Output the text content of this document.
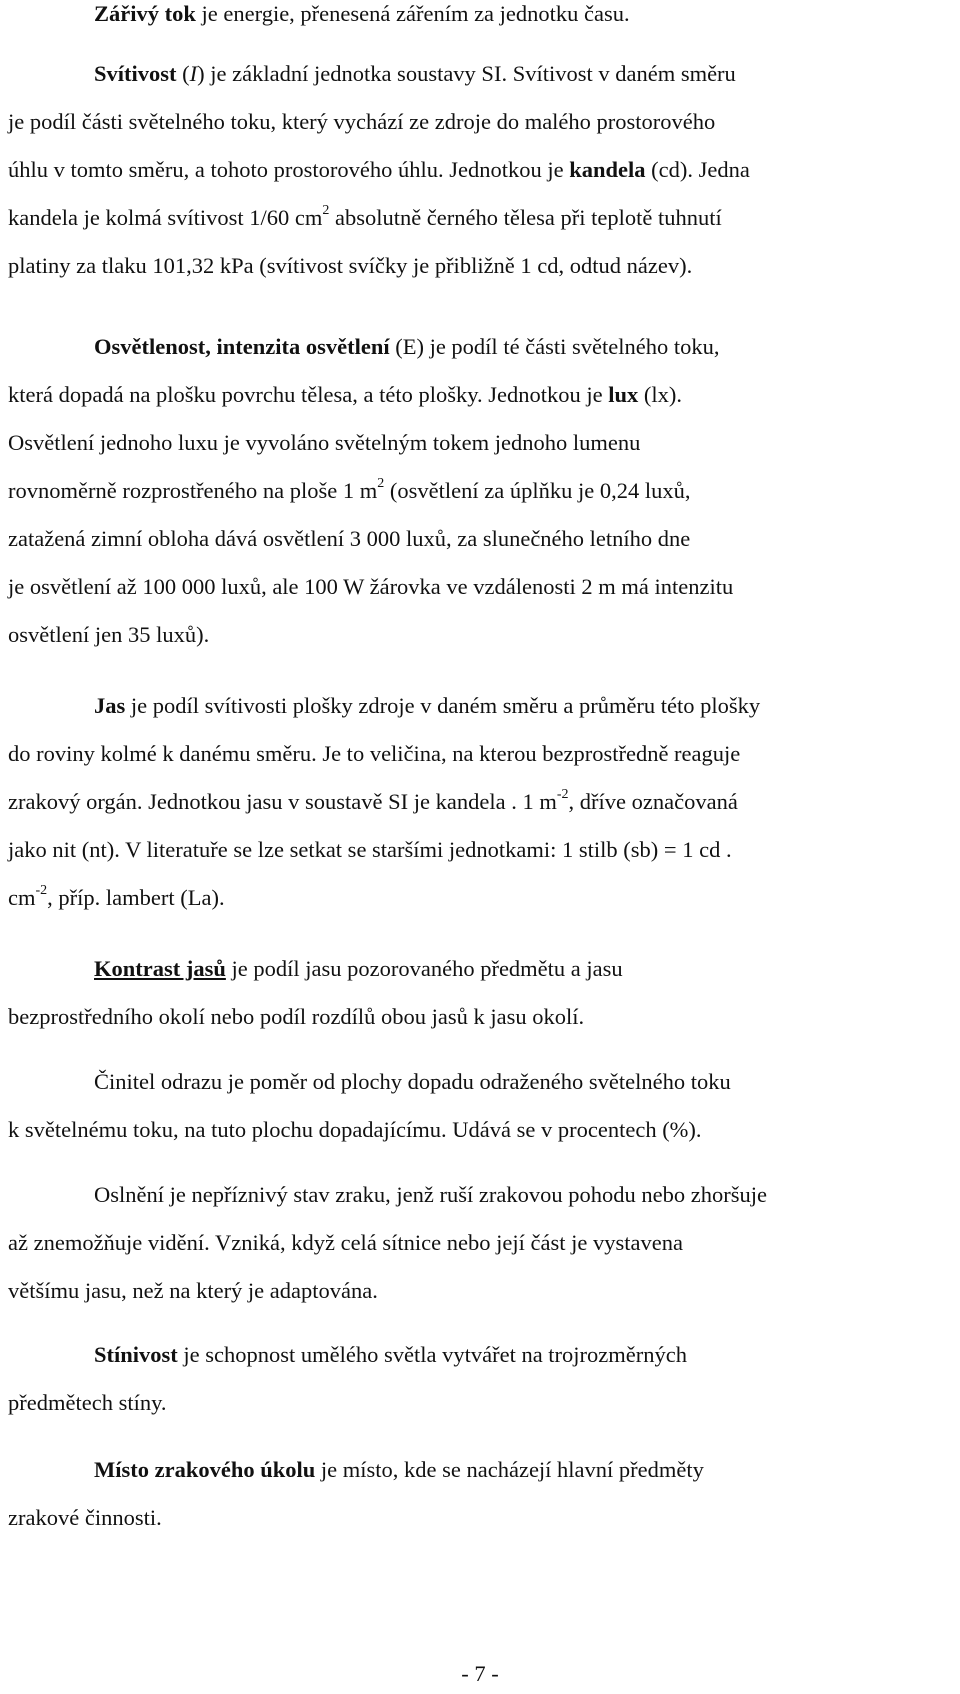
Zářivý tok je energie, přenesená zářením za jednotku času.

Svítivost (I) je základní jednotka soustavy SI. Svítivost v daném směru
je podíl části světelného toku, který vychází ze zdroje do malého prostorového
úhlu v tomto směru, a tohoto prostorového úhlu. Jednotkou je kandela (cd). Jedna
kandela je kolmá svítivost 1/60 $cm^2$ absolutně černého tělesa při teplotě tuhnutí
platiny za tlaku 101,32 kPa (svítivost svíčky je přibližně 1 cd, odtud název).

Osvětlenost, intenzita osvětlení (E) je podíl té části světelného toku,
která dopadá na plošku povrchu tělesa, a této plošky. Jednotkou je lux (lx).
Osvětlení jednoho luxu je vyvoláno světelným tokem jednoho lumenu
rovnoměrně rozprostřeného na ploše 1 $m^2$ (osvětlení za úplňku je 0,24 luxů,
zatažená zimní obloha dává osvětlení 3 000 luxů, za slunečného letního dne
je osvětlení až 100 000 luxů, ale 100 W žárovka ve vzdálenosti 2 m má intenzitu
osvětlení jen 35 luxů).

Jas je podíl svítivosti plošky zdroje v daném směru a průměru této plošky
do roviny kolmé k danému směru. Je to veličina, na kterou bezprostředně reaguje
zrakový orgán. Jednotkou jasu v soustavě SI je kandela . 1 $m^{-2}$, dříve označovaná
jako nit (nt). V literatuře se lze setkat se staršími jednotkami: 1 stilb (sb) = 1 cd .
$cm^{-2}$, příp. lambert (La).

Kontrast jasů je podíl jasu pozorovaného předmětu a jasu
bezprostředního okolí nebo podíl rozdílů obou jasů k jasu okolí.

Činitel odrazu je poměr od plochy dopadu odraženého světelného toku
k světelnému toku, na tuto plochu dopadajícímu. Udává se v procentech (%).

Oslnění je nepříznivý stav zraku, jenž ruší zrakovou pohodu nebo zhoršuje
až znemožňuje vidění. Vzniká, když celá sítnice nebo její část je vystavena
většímu jasu, než na který je adaptována.

Stínivost je schopnost umělého světla vytvářet na trojrozměrných
předmětech stíny.

Místo zrakového úkolu je místo, kde se nacházejí hlavní předměty
zrakové činnosti.

- 7 -
